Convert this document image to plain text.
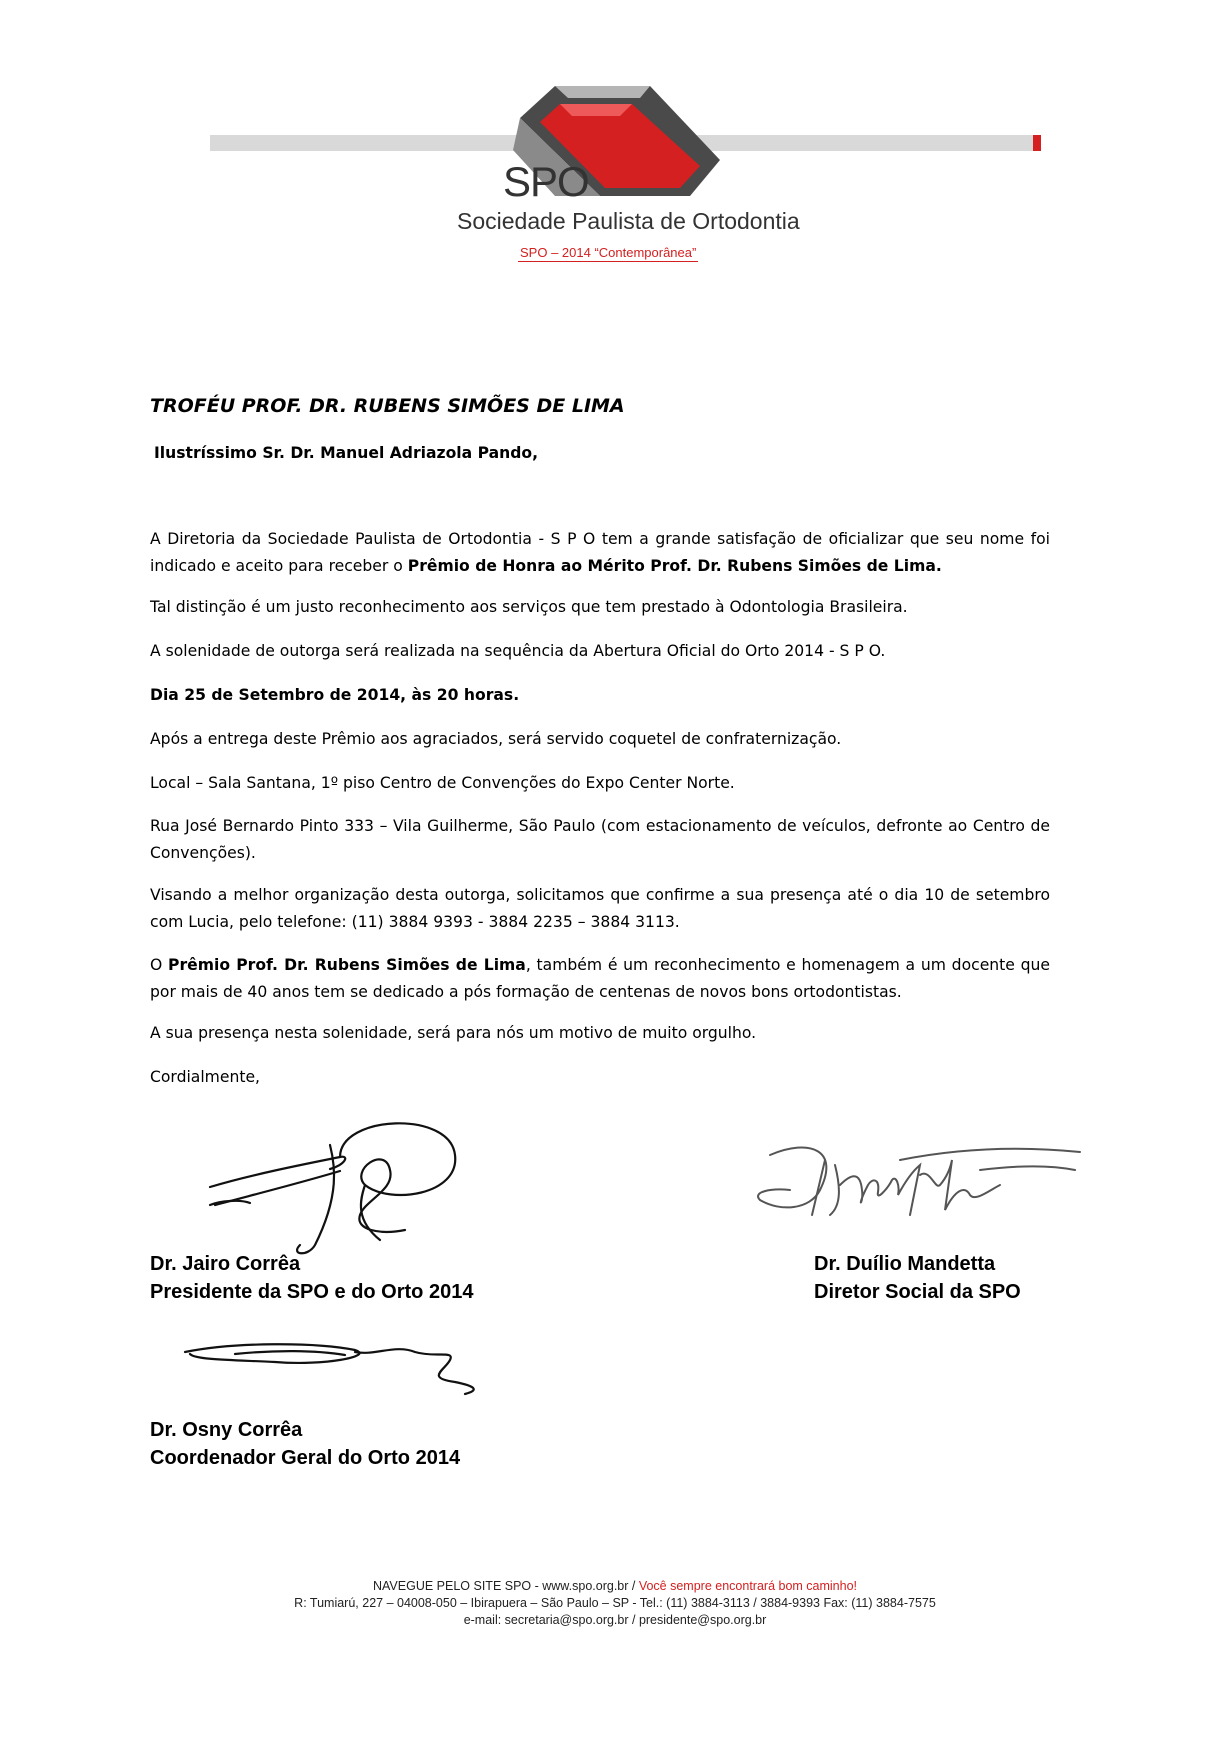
SPO
Sociedade Paulista de Ortodontia
SPO – 2014 “Contemporânea”
TROFÉU PROF. DR. RUBENS SIMÕES DE LIMA
Ilustríssimo Sr. Dr. Manuel Adriazola Pando,

A Diretoria da Sociedade Paulista de Ortodontia - S P O tem a grande satisfação de oficializar que seu nome foi indicado e aceito para receber o Prêmio de Honra ao Mérito Prof. Dr. Rubens Simões de Lima.

Tal distinção é um justo reconhecimento aos serviços que tem prestado à Odontologia Brasileira.

A solenidade de outorga será realizada na sequência da Abertura Oficial do Orto 2014 - S P O.

Dia 25 de Setembro de 2014, às 20 horas.

Após a entrega deste Prêmio aos agraciados, será servido coquetel de confraternização.

Local – Sala Santana, 1º piso Centro de Convenções do Expo Center Norte.

Rua José Bernardo Pinto 333 – Vila Guilherme, São Paulo (com estacionamento de veículos, defronte ao Centro de Convenções).

Visando a melhor organização desta outorga, solicitamos que confirme a sua presença até o dia 10 de setembro com Lucia, pelo telefone: (11) 3884 9393 - 3884 2235 – 3884 3113.

O Prêmio Prof. Dr. Rubens Simões de Lima, também é um reconhecimento e homenagem a um docente que por mais de 40 anos tem se dedicado a pós formação de centenas de novos bons ortodontistas.

A sua presença nesta solenidade, será para nós um motivo de muito orgulho.

Cordialmente,

Dr. Jairo Corrêa
Presidente da SPO e do Orto 2014
Dr. Duílio Mandetta
Diretor Social da SPO
Dr. Osny Corrêa
Coordenador Geral do Orto 2014
NAVEGUE PELO SITE SPO - www.spo.org.br / Você sempre encontrará bom caminho!
R: Tumiarú, 227 – 04008-050 – Ibirapuera – São Paulo – SP - Tel.: (11) 3884-3113 / 3884-9393 Fax: (11) 3884-7575
e-mail: secretaria@spo.org.br / presidente@spo.org.br
